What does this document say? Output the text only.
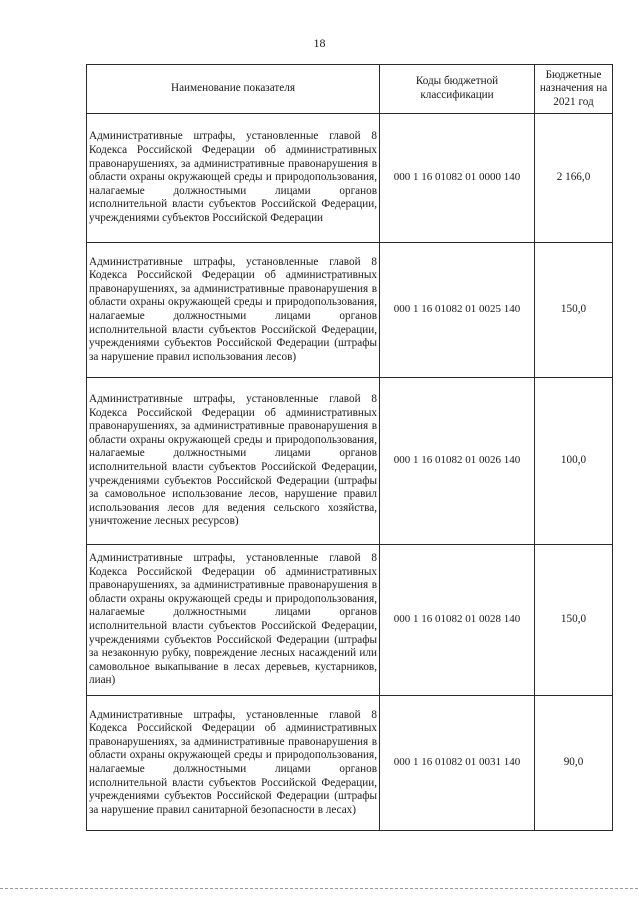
18
Наименование показателя	Коды бюджетной классификации	Бюджетные назначения на 2021 год
Административные штрафы, установленные главой 8 Кодекса Российской Федерации об административных правонарушениях, за административные правонарушения в области охраны окружающей среды и природопользования, налагаемые должностными лицами органов исполнительной власти субъектов Российской Федерации, учреждениями субъектов Российской Федерации	000 1 16 01082 01 0000 140	2 166,0
Административные штрафы, установленные главой 8 Кодекса Российской Федерации об административных правонарушениях, за административные правонарушения в области охраны окружающей среды и природопользования, налагаемые должностными лицами органов исполнительной власти субъектов Российской Федерации, учреждениями субъектов Российской Федерации (штрафы за нарушение правил использования лесов)	000 1 16 01082 01 0025 140	150,0
Административные штрафы, установленные главой 8 Кодекса Российской Федерации об административных правонарушениях, за административные правонарушения в области охраны окружающей среды и природопользования, налагаемые должностными лицами органов исполнительной власти субъектов Российской Федерации, учреждениями субъектов Российской Федерации (штрафы за самовольное использование лесов, нарушение правил использования лесов для ведения сельского хозяйства, уничтожение лесных ресурсов)	000 1 16 01082 01 0026 140	100,0
Административные штрафы, установленные главой 8 Кодекса Российской Федерации об административных правонарушениях, за административные правонарушения в области охраны окружающей среды и природопользования, налагаемые должностными лицами органов исполнительной власти субъектов Российской Федерации, учреждениями субъектов Российской Федерации (штрафы за незаконную рубку, повреждение лесных насаждений или самовольное выкапывание в лесах деревьев, кустарников, лиан)	000 1 16 01082 01 0028 140	150,0
Административные штрафы, установленные главой 8 Кодекса Российской Федерации об административных правонарушениях, за административные правонарушения в области охраны окружающей среды и природопользования, налагаемые должностными лицами органов исполнительной власти субъектов Российской Федерации, учреждениями субъектов Российской Федерации (штрафы за нарушение правил санитарной безопасности в лесах)	000 1 16 01082 01 0031 140	90,0
